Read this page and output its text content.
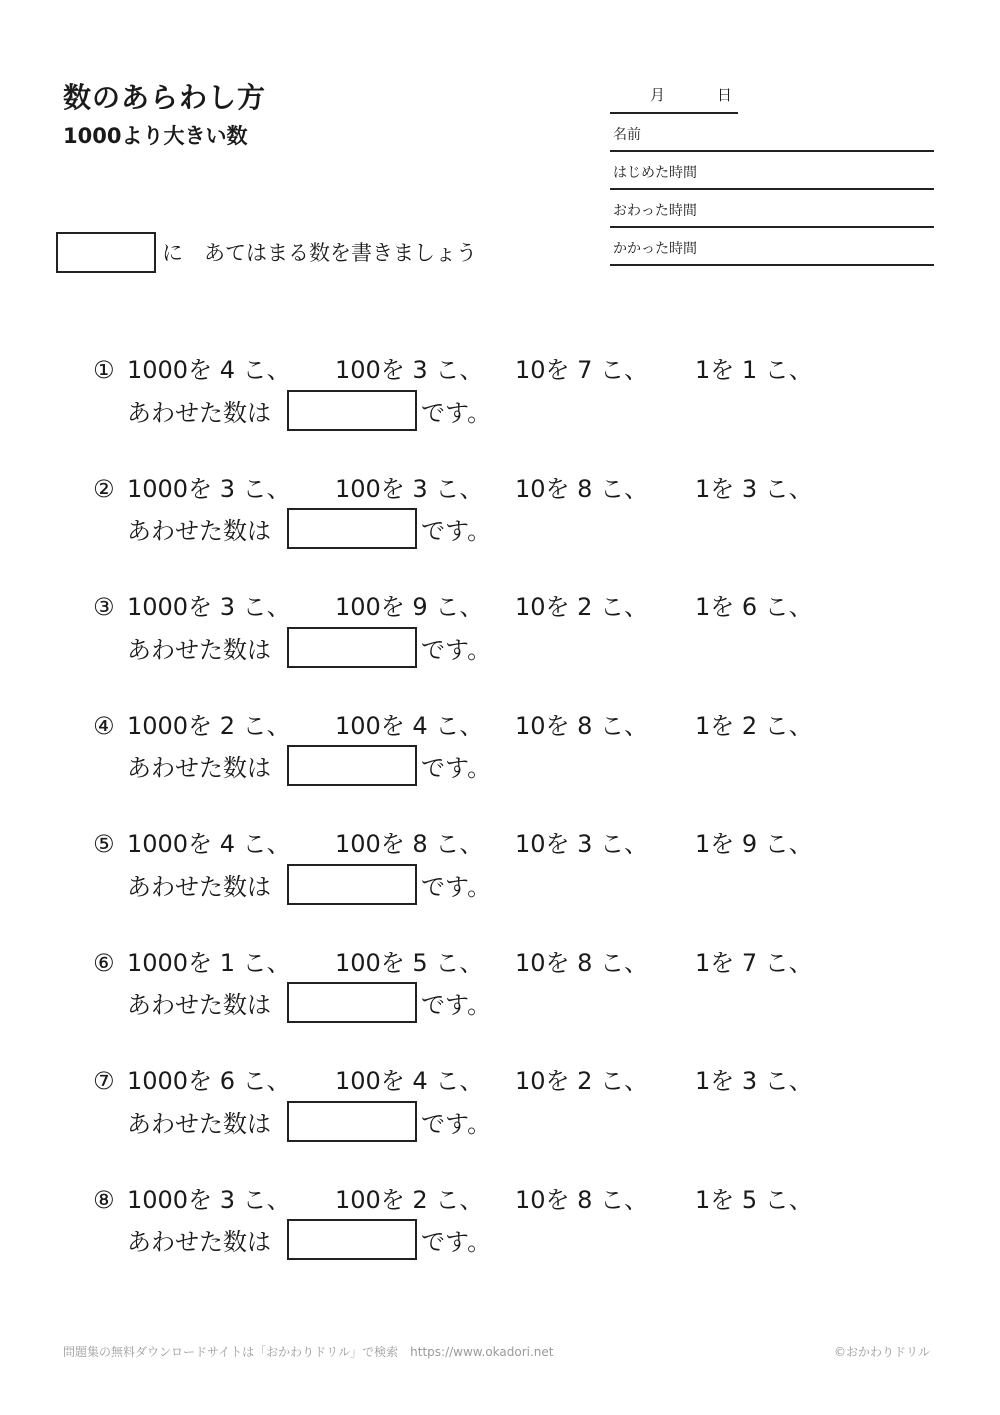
数のあらわし方
1000より大きい数
月	日
名前
はじめた時間
おわった時間
かかった時間
に　あてはまる数を書きましょう
① 1000を 4 こ、 100を 3 こ、 10を 7 こ、 1を 1 こ、
あわせた数は	です。
② 1000を 3 こ、 100を 3 こ、 10を 8 こ、 1を 3 こ、
あわせた数は	です。
③ 1000を 3 こ、 100を 9 こ、 10を 2 こ、 1を 6 こ、
あわせた数は	です。
④ 1000を 2 こ、 100を 4 こ、 10を 8 こ、 1を 2 こ、
あわせた数は	です。
⑤ 1000を 4 こ、 100を 8 こ、 10を 3 こ、 1を 9 こ、
あわせた数は	です。
⑥ 1000を 1 こ、 100を 5 こ、 10を 8 こ、 1を 7 こ、
あわせた数は	です。
⑦ 1000を 6 こ、 100を 4 こ、 10を 2 こ、 1を 3 こ、
あわせた数は	です。
⑧ 1000を 3 こ、 100を 2 こ、 10を 8 こ、 1を 5 こ、
あわせた数は	です。
問題集の無料ダウンロードサイトは「おかわりドリル」で検索　https://www.okadori.net	©おかわりドリル
